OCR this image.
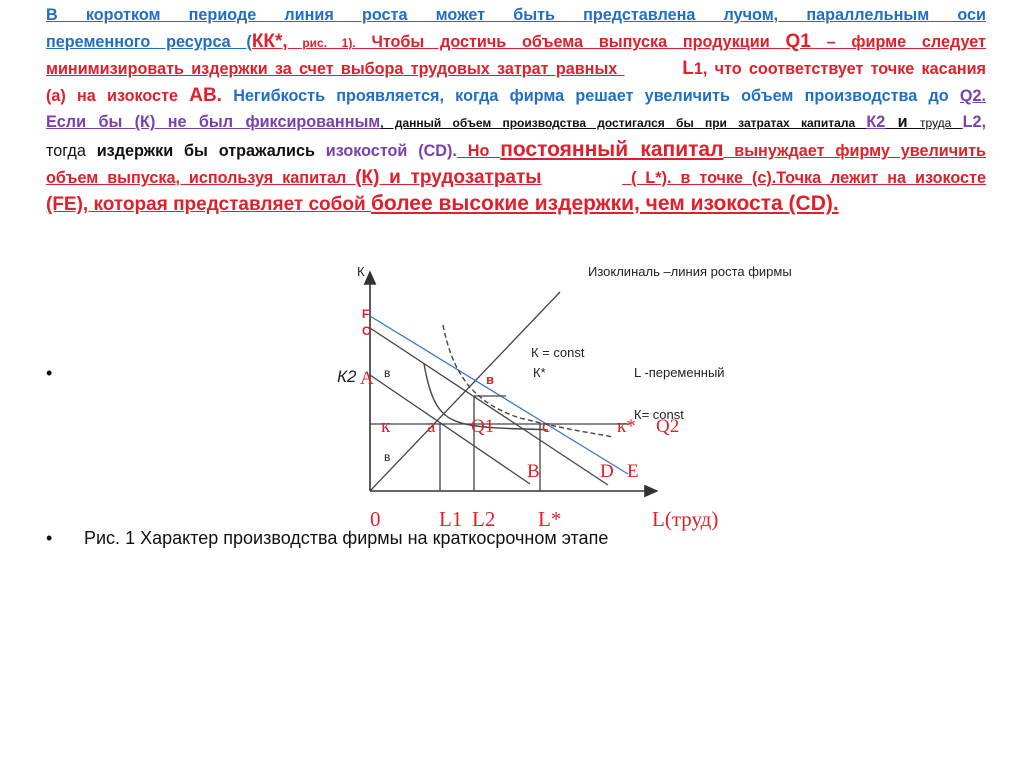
В коротком периоде линия роста может быть представлена лучом, параллельным оси
переменного ресурса (КК*, рис. 1). Чтобы достичь объема выпуска продукции Q1 – фирме следует
минимизировать издержки за счет выбора трудовых затрат равных	L1, что соответствует точке касания
(а) на изокосте АВ. Негибкость проявляется, когда фирма решает увеличить объем производства до Q2.
Если бы (К) не был фиксированным, данный объем производства достигался бы при затратах капитала К2 и труда L2,
тогда издержки бы отражались изокостой (CD). Но постоянный капитал вынуждает фирму увеличить
объем выпуска, используя капитал (К) и трудозатраты	( L*). в точке (с).Точка лежит на изокосте
(FE), которая представляет собой более высокие издержки, чем изокоста (CD).
•
• Рис. 1 Характер производства фирмы на краткосрочном этапе
К	Изоклиналь –линия роста фирмы
F
C
К2 A в	в
К = const
К*	L -переменный
К= const
к a Q1	c	к* Q2
в
B	D E
0	L1 L2 L*	L(труд)
